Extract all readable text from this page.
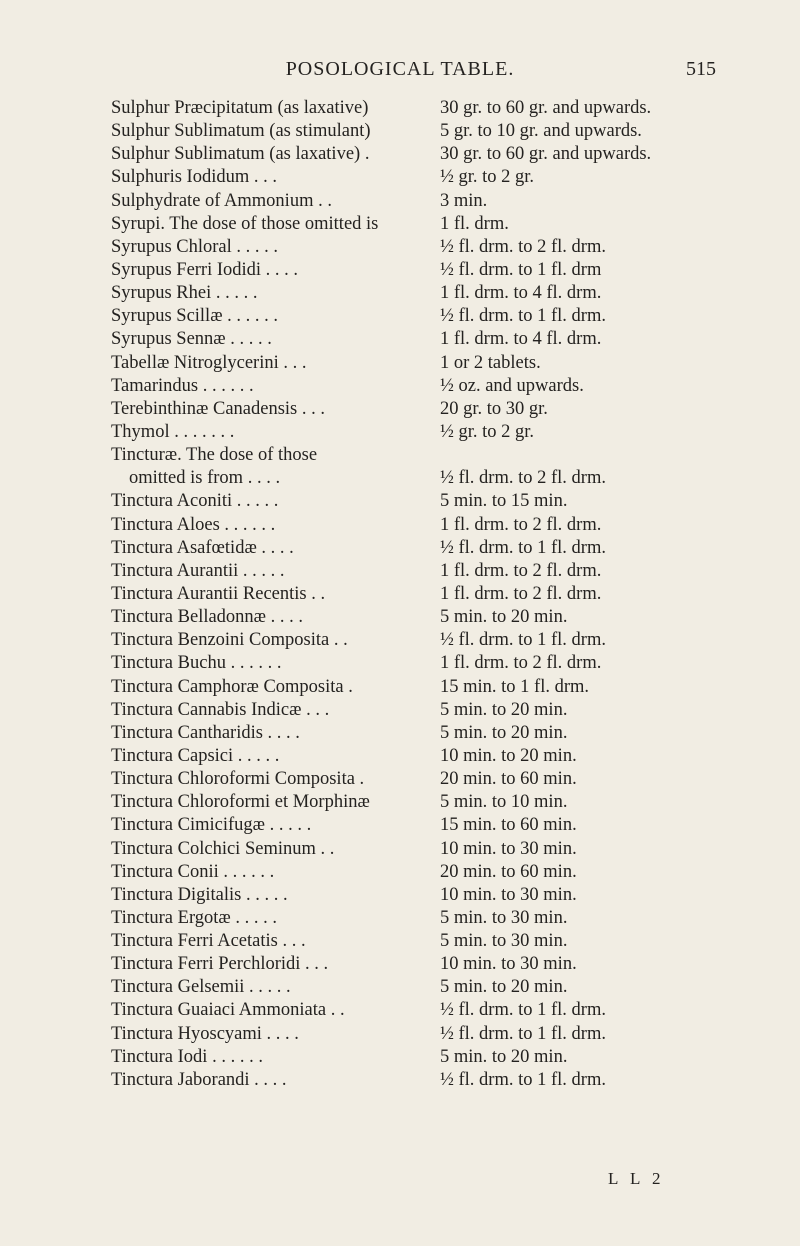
POSOLOGICAL TABLE.	515
Sulphur Præcipitatum (as laxative)	30 gr. to 60 gr. and upwards.
Sulphur Sublimatum (as stimulant)	5 gr. to 10 gr. and upwards.
Sulphur Sublimatum (as laxative) .	30 gr. to 60 gr. and upwards.
Sulphuris Iodidum . . .	½ gr. to 2 gr.
Sulphydrate of Ammonium . .	3 min.
Syrupi. The dose of those omitted is	1 fl. drm.
Syrupus Chloral . . . . .	½ fl. drm. to 2 fl. drm.
Syrupus Ferri Iodidi . . . .	½ fl. drm. to 1 fl. drm
Syrupus Rhei . . . . .	1 fl. drm. to 4 fl. drm.
Syrupus Scillæ . . . . . .	½ fl. drm. to 1 fl. drm.
Syrupus Sennæ . . . . .	1 fl. drm. to 4 fl. drm.
Tabellæ Nitroglycerini . . .	1 or 2 tablets.
Tamarindus . . . . . .	½ oz. and upwards.
Terebinthinæ Canadensis . . .	20 gr. to 30 gr.
Thymol . . . . . . .	½ gr. to 2 gr.
Tincturæ. The dose of those
omitted is from . . . .	½ fl. drm. to 2 fl. drm.
Tinctura Aconiti . . . . .	5 min. to 15 min.
Tinctura Aloes . . . . . .	1 fl. drm. to 2 fl. drm.
Tinctura Asafœtidæ . . . .	½ fl. drm. to 1 fl. drm.
Tinctura Aurantii . . . . .	1 fl. drm. to 2 fl. drm.
Tinctura Aurantii Recentis . .	1 fl. drm. to 2 fl. drm.
Tinctura Belladonnæ . . . .	5 min. to 20 min.
Tinctura Benzoini Composita . .	½ fl. drm. to 1 fl. drm.
Tinctura Buchu . . . . . .	1 fl. drm. to 2 fl. drm.
Tinctura Camphoræ Composita .	15 min. to 1 fl. drm.
Tinctura Cannabis Indicæ . . .	5 min. to 20 min.
Tinctura Cantharidis . . . .	5 min. to 20 min.
Tinctura Capsici . . . . .	10 min. to 20 min.
Tinctura Chloroformi Composita .	20 min. to 60 min.
Tinctura Chloroformi et Morphinæ	5 min. to 10 min.
Tinctura Cimicifugæ . . . . .	15 min. to 60 min.
Tinctura Colchici Seminum . .	10 min. to 30 min.
Tinctura Conii . . . . . .	20 min. to 60 min.
Tinctura Digitalis . . . . .	10 min. to 30 min.
Tinctura Ergotæ . . . . .	5 min. to 30 min.
Tinctura Ferri Acetatis . . .	5 min. to 30 min.
Tinctura Ferri Perchloridi . . .	10 min. to 30 min.
Tinctura Gelsemii . . . . .	5 min. to 20 min.
Tinctura Guaiaci Ammoniata . .	½ fl. drm. to 1 fl. drm.
Tinctura Hyoscyami . . . .	½ fl. drm. to 1 fl. drm.
Tinctura Iodi . . . . . .	5 min. to 20 min.
Tinctura Jaborandi . . . .	½ fl. drm. to 1 fl. drm.
L L 2
